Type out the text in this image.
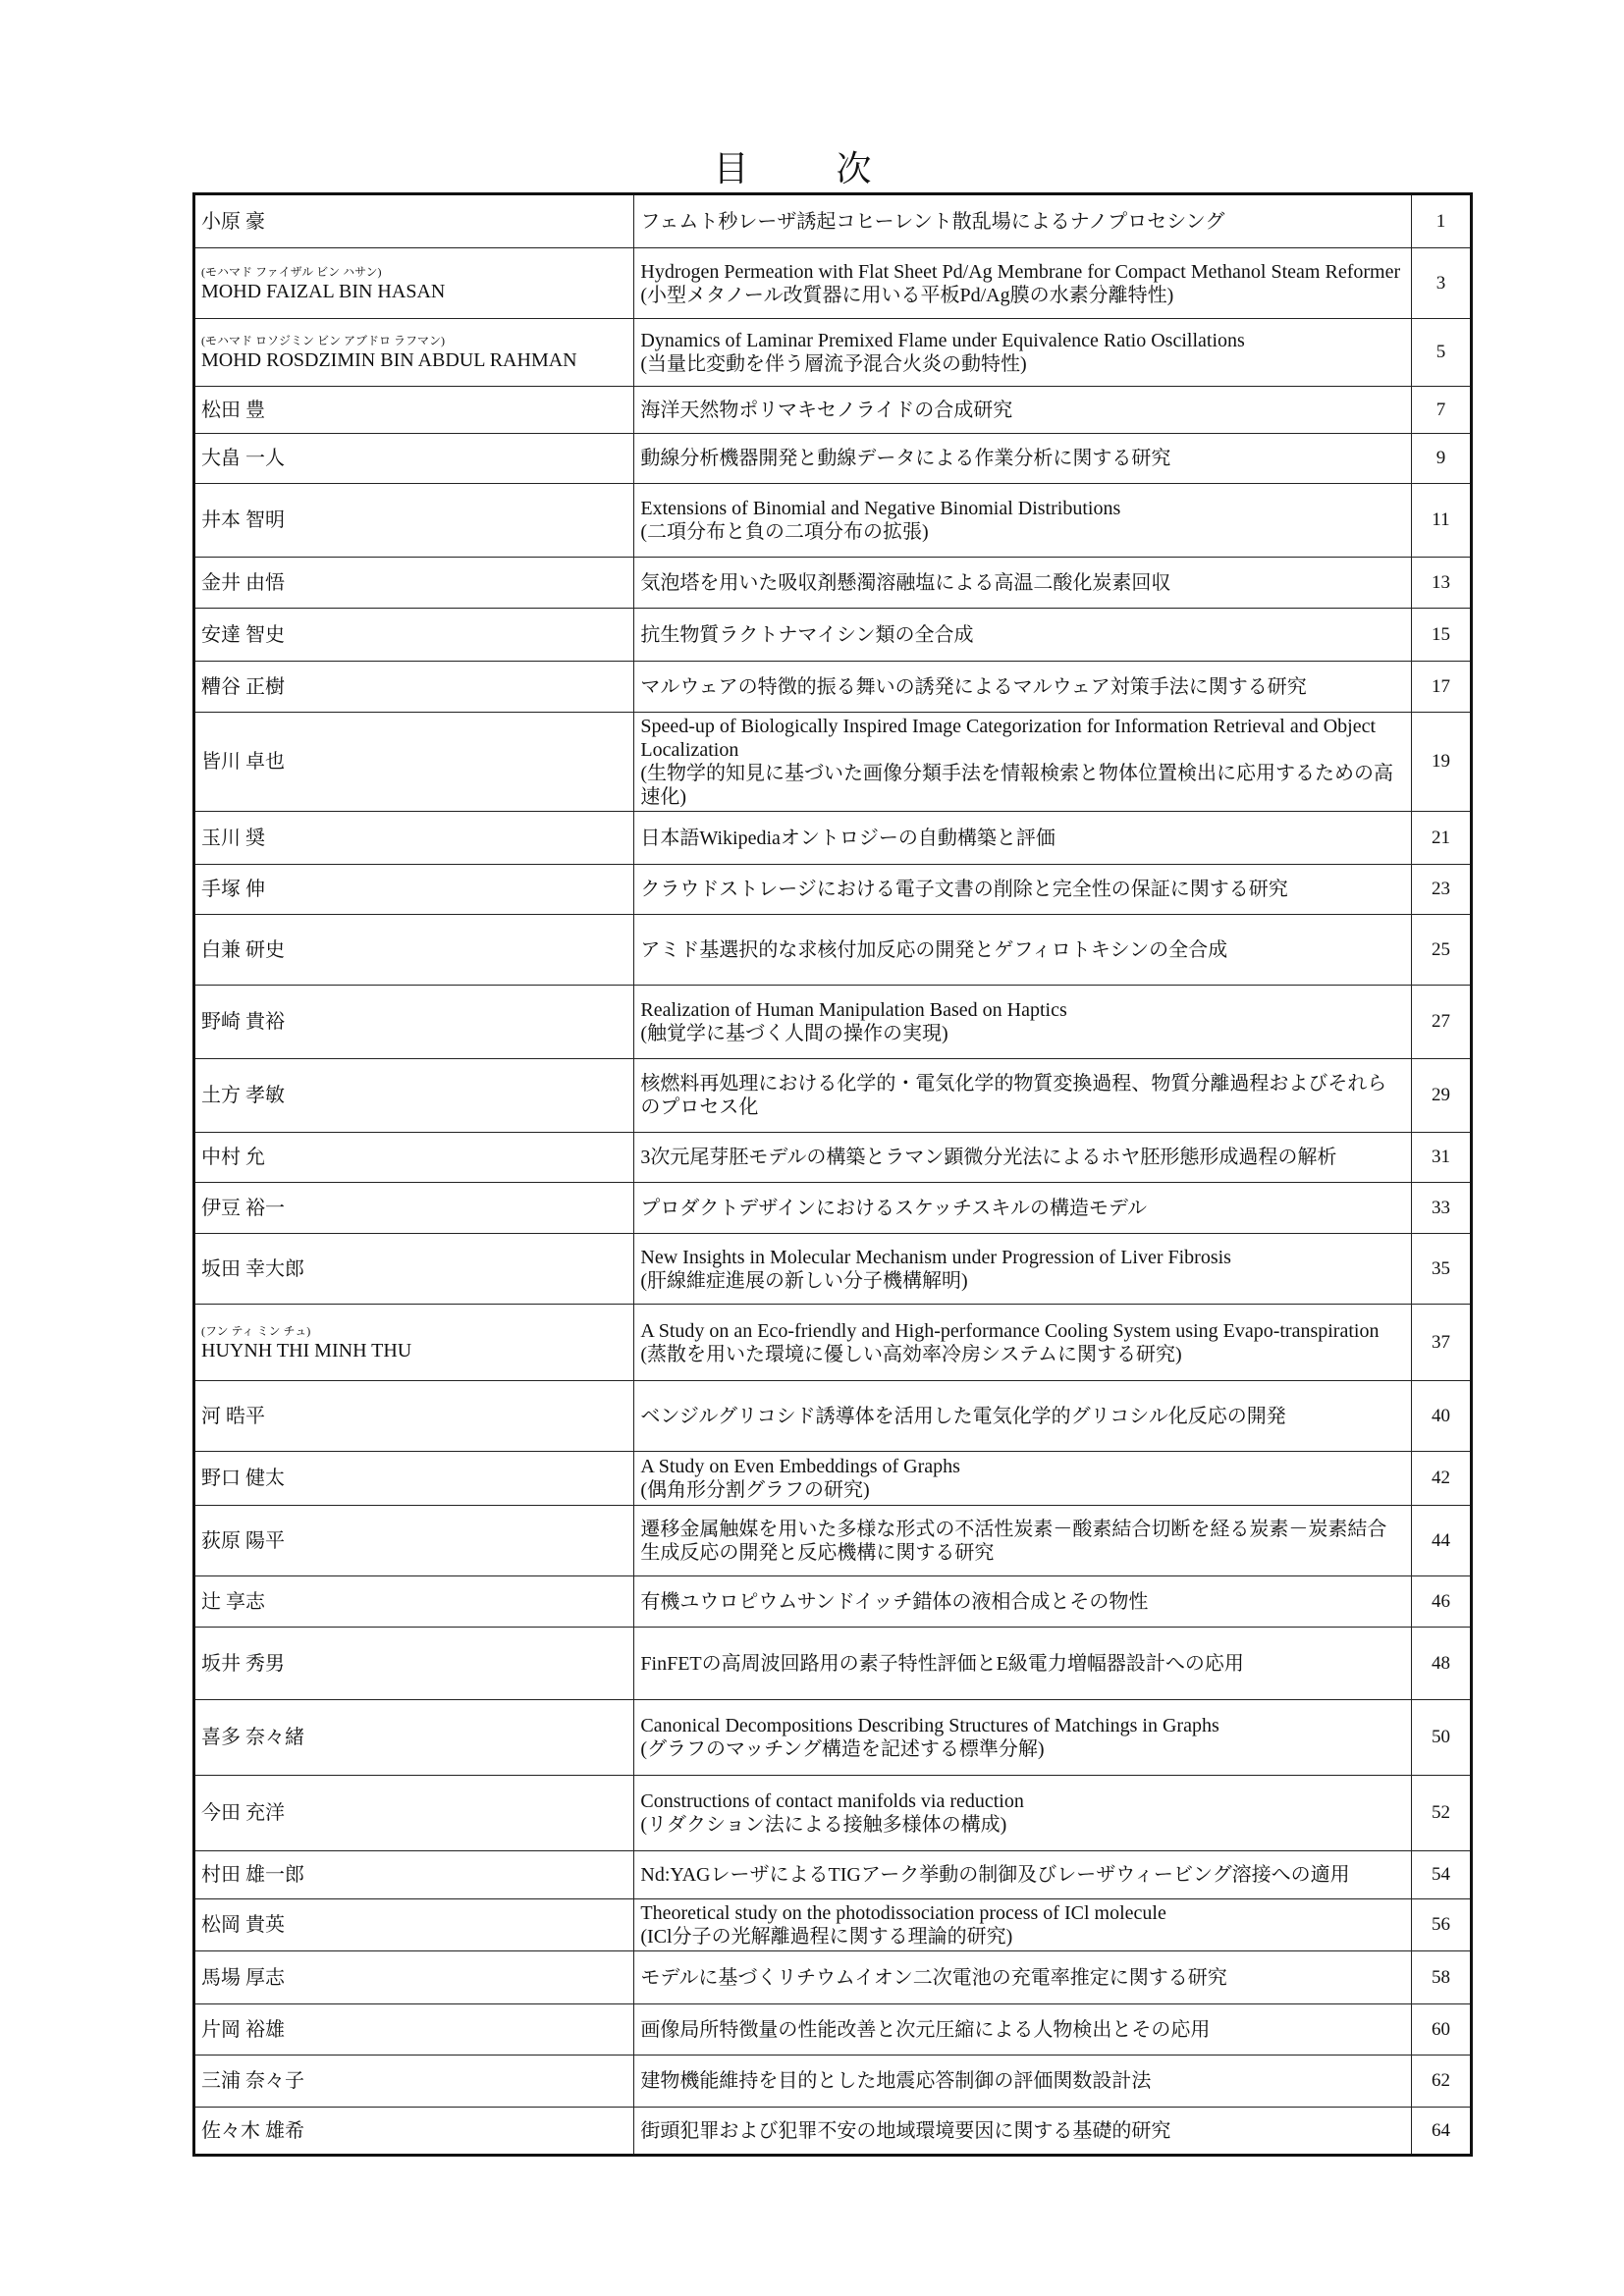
目 次
小原 豪	フェムト秒レーザ誘起コヒーレント散乱場によるナノプロセシング	1

(モハマド ファイザル ビン ハサン)
MOHD FAIZAL BIN HASAN	Hydrogen Permeation with Flat Sheet Pd/Ag Membrane for Compact Methanol Steam Reformer
(小型メタノール改質器に用いる平板Pd/Ag膜の水素分離特性)	3

(モハマド ロソジミン ビン アブドロ ラフマン)
MOHD ROSDZIMIN BIN ABDUL RAHMAN	Dynamics of Laminar Premixed Flame under Equivalence Ratio Oscillations
(当量比変動を伴う層流予混合火炎の動特性)	5
松田 豊	海洋天然物ポリマキセノライドの合成研究	7
大畠 一人	動線分析機器開発と動線データによる作業分析に関する研究	9
井本 智明	Extensions of Binomial and Negative Binomial Distributions
(二項分布と負の二項分布の拡張)	11
金井 由悟	気泡塔を用いた吸収剤懸濁溶融塩による高温二酸化炭素回収	13
安達 智史	抗生物質ラクトナマイシン類の全合成	15
糟谷 正樹	マルウェアの特徴的振る舞いの誘発によるマルウェア対策手法に関する研究	17
皆川 卓也	Speed-up of Biologically Inspired Image Categorization for Information Retrieval and Object Localization
(生物学的知見に基づいた画像分類手法を情報検索と物体位置検出に応用するための高速化)	19
玉川 奨	日本語Wikipediaオントロジーの自動構築と評価	21
手塚 伸	クラウドストレージにおける電子文書の削除と完全性の保証に関する研究	23
白兼 研史	アミド基選択的な求核付加反応の開発とゲフィロトキシンの全合成	25
野崎 貴裕	Realization of Human Manipulation Based on Haptics
(触覚学に基づく人間の操作の実現)	27
土方 孝敏	核燃料再処理における化学的・電気化学的物質変換過程、物質分離過程およびそれらのプロセス化	29
中村 允	3次元尾芽胚モデルの構築とラマン顕微分光法によるホヤ胚形態形成過程の解析	31
伊豆 裕一	プロダクトデザインにおけるスケッチスキルの構造モデル	33
坂田 幸大郎	New Insights in Molecular Mechanism under Progression of Liver Fibrosis
(肝線維症進展の新しい分子機構解明)	35

(フン ティ ミン チュ)
HUYNH THI MINH THU	A Study on an Eco-friendly and High-performance Cooling System using Evapo-transpiration
(蒸散を用いた環境に優しい高効率冷房システムに関する研究)	37
河 晧平	ベンジルグリコシド誘導体を活用した電気化学的グリコシル化反応の開発	40
野口 健太	A Study on Even Embeddings of Graphs
(偶角形分割グラフの研究)	42
荻原 陽平	遷移金属触媒を用いた多様な形式の不活性炭素－酸素結合切断を経る炭素－炭素結合生成反応の開発と反応機構に関する研究	44
辻 享志	有機ユウロピウムサンドイッチ錯体の液相合成とその物性	46
坂井 秀男	FinFETの高周波回路用の素子特性評価とE級電力増幅器設計への応用	48
喜多 奈々緒	Canonical Decompositions Describing Structures of Matchings in Graphs
(グラフのマッチング構造を記述する標準分解)	50
今田 充洋	Constructions of contact manifolds via reduction
(リダクション法による接触多様体の構成)	52
村田 雄一郎	Nd:YAGレーザによるTIGアーク挙動の制御及びレーザウィービング溶接への適用	54
松岡 貴英	Theoretical study on the photodissociation process of ICl molecule
(ICl分子の光解離過程に関する理論的研究)	56
馬場 厚志	モデルに基づくリチウムイオン二次電池の充電率推定に関する研究	58
片岡 裕雄	画像局所特徴量の性能改善と次元圧縮による人物検出とその応用	60
三浦 奈々子	建物機能維持を目的とした地震応答制御の評価関数設計法	62
佐々木 雄希	街頭犯罪および犯罪不安の地域環境要因に関する基礎的研究	64
